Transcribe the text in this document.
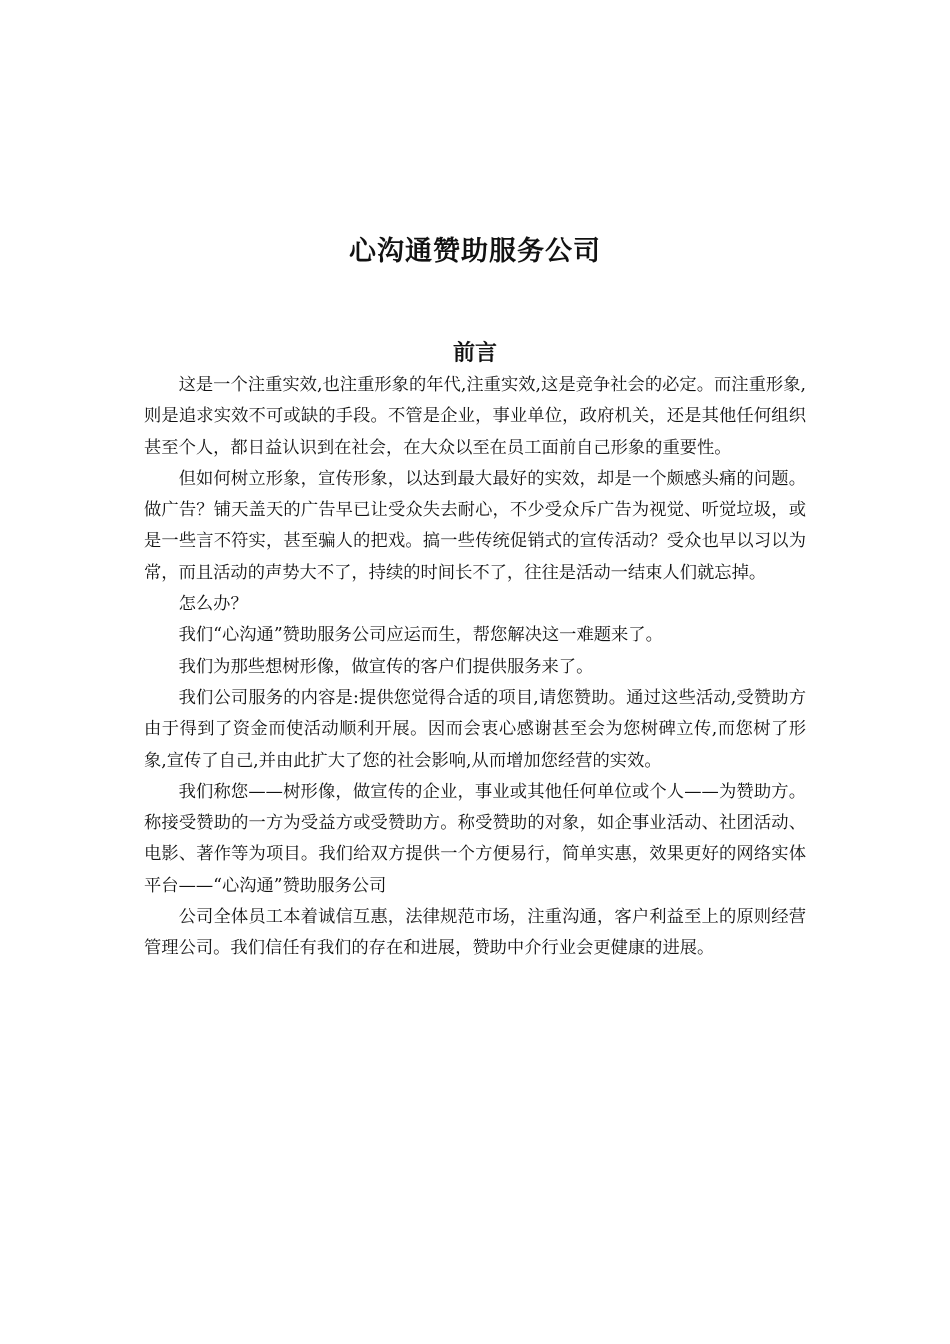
心沟通赞助服务公司
前言

这是一个注重实效,也注重形象的年代,注重实效,这是竞争社会的必定。而注重形象,则是追求实效不可或缺的手段。不管是企业，事业单位，政府机关，还是其他任何组织甚至个人，都日益认识到在社会，在大众以至在员工面前自己形象的重要性。

但如何树立形象，宣传形象，以达到最大最好的实效，却是一个颇感头痛的问题。做广告？铺天盖天的广告早已让受众失去耐心，不少受众斥广告为视觉、听觉垃圾，或是一些言不符实，甚至骗人的把戏。搞一些传统促销式的宣传活动？受众也早以习以为常，而且活动的声势大不了，持续的时间长不了，往往是活动一结束人们就忘掉。

怎么办？

我们“心沟通”赞助服务公司应运而生，帮您解决这一难题来了。

我们为那些想树形像，做宣传的客户们提供服务来了。

我们公司服务的内容是:提供您觉得合适的项目,请您赞助。通过这些活动,受赞助方由于得到了资金而使活动顺利开展。因而会衷心感谢甚至会为您树碑立传,而您树了形象,宣传了自己,并由此扩大了您的社会影响,从而增加您经营的实效。

我们称您——树形像，做宣传的企业，事业或其他任何单位或个人——为赞助方。称接受赞助的一方为受益方或受赞助方。称受赞助的对象，如企事业活动、社团活动、电影、著作等为项目。我们给双方提供一个方便易行，简单实惠，效果更好的网络实体平台——“心沟通”赞助服务公司

公司全体员工本着诚信互惠，法律规范市场，注重沟通，客户利益至上的原则经营管理公司。我们信任有我们的存在和进展，赞助中介行业会更健康的进展。
